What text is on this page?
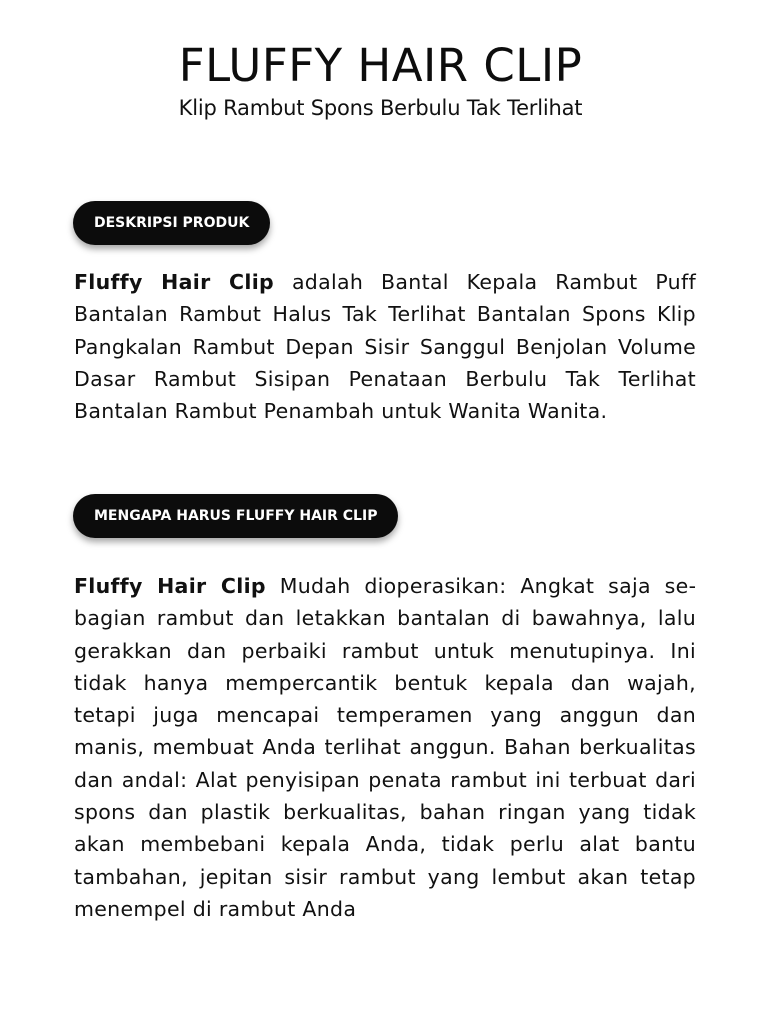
FLUFFY HAIR CLIP

Klip Rambut Spons Berbulu Tak Terlihat

DESKRIPSI PRODUK

Fluffy Hair Clip adalah Bantal Kepala Rambut Puff Bantalan Rambut Halus Tak Terlihat Bantalan Spons Klip Pangkalan Rambut Depan Sisir Sanggul Benjolan Volume Dasar Rambut Sisipan Penataan Berbulu Tak Terlihat Bantalan Rambut Penambah untuk Wanita Wanita.

MENGAPA HARUS FLUFFY HAIR CLIP

Fluffy Hair Clip Mudah dioperasikan: Angkat saja sebagian rambut dan letakkan bantalan di bawahnya, lalu gerakkan dan perbaiki rambut untuk menutupinya. Ini tidak hanya mempercantik bentuk kepala dan wajah, tetapi juga mencapai temperamen yang anggun dan manis, membuat Anda terlihat anggun. Bahan berkualitas dan andal: Alat penyisipan penata rambut ini terbuat dari spons dan plastik berkualitas, bahan ringan yang tidak akan membebani kepala Anda, tidak perlu alat bantu tambahan, jepitan sisir rambut yang lembut akan tetap menempel di rambut Anda
